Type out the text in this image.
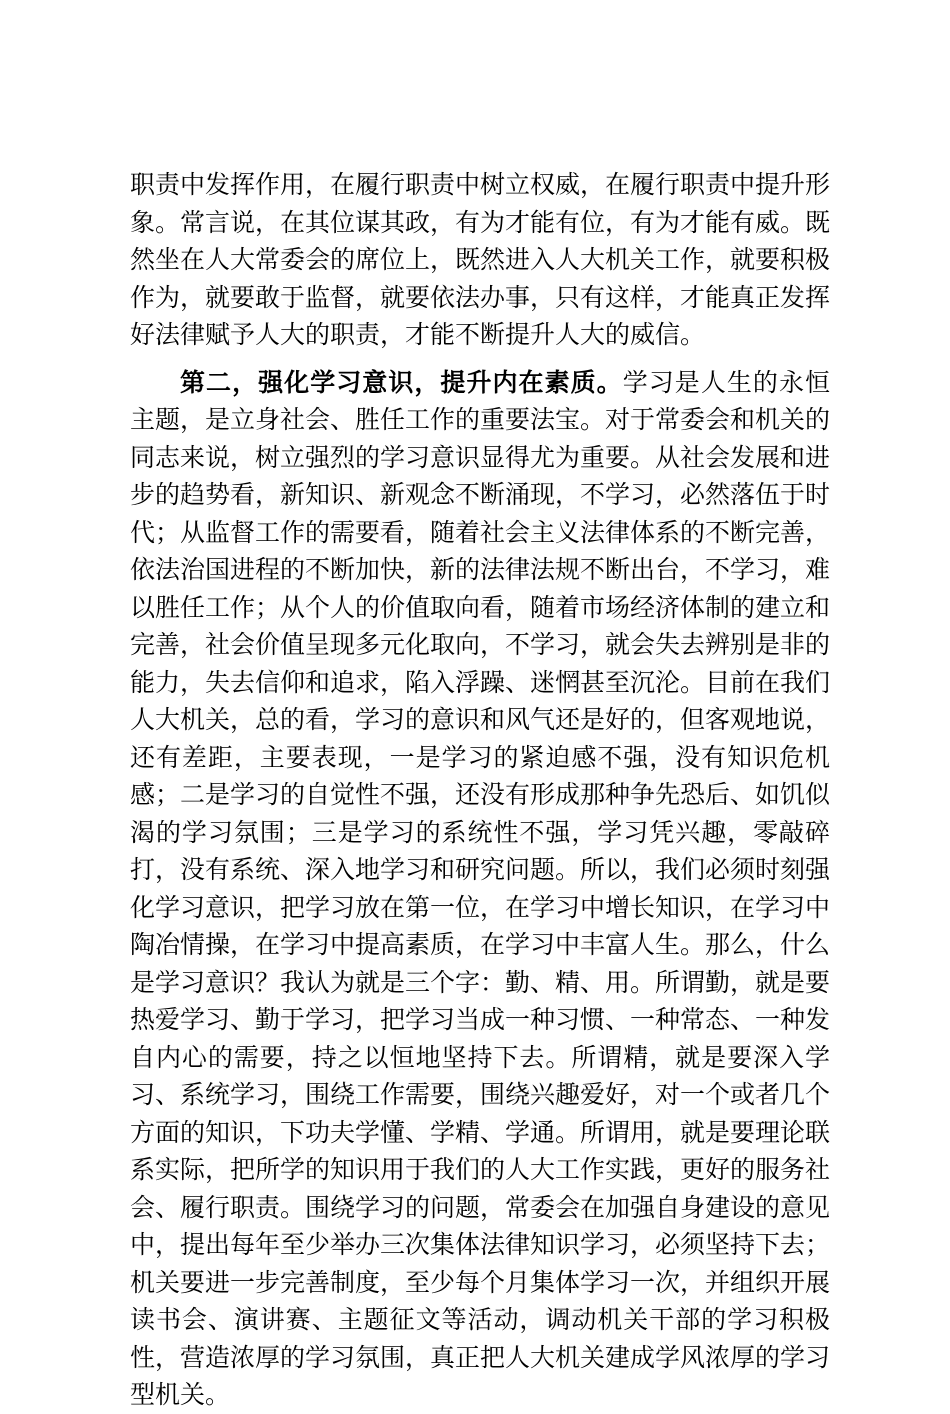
职责中发挥作用，在履行职责中树立权威，在履行职责中提升形象。常言说，在其位谋其政，有为才能有位，有为才能有威。既然坐在人大常委会的席位上，既然进入人大机关工作，就要积极作为，就要敢于监督，就要依法办事，只有这样，才能真正发挥好法律赋予人大的职责，才能不断提升人大的威信。

第二，强化学习意识，提升内在素质。学习是人生的永恒主题，是立身社会、胜任工作的重要法宝。对于常委会和机关的同志来说，树立强烈的学习意识显得尤为重要。从社会发展和进步的趋势看，新知识、新观念不断涌现，不学习，必然落伍于时代；从监督工作的需要看，随着社会主义法律体系的不断完善，依法治国进程的不断加快，新的法律法规不断出台，不学习，难以胜任工作；从个人的价值取向看，随着市场经济体制的建立和完善，社会价值呈现多元化取向，不学习，就会失去辨别是非的能力，失去信仰和追求，陷入浮躁、迷惘甚至沉沦。目前在我们人大机关，总的看，学习的意识和风气还是好的，但客观地说，还有差距，主要表现，一是学习的紧迫感不强，没有知识危机感；二是学习的自觉性不强，还没有形成那种争先恐后、如饥似渴的学习氛围；三是学习的系统性不强，学习凭兴趣，零敲碎打，没有系统、深入地学习和研究问题。所以，我们必须时刻强化学习意识，把学习放在第一位，在学习中增长知识，在学习中陶冶情操，在学习中提高素质，在学习中丰富人生。那么，什么是学习意识？我认为就是三个字：勤、精、用。所谓勤，就是要热爱学习、勤于学习，把学习当成一种习惯、一种常态、一种发自内心的需要，持之以恒地坚持下去。所谓精，就是要深入学习、系统学习，围绕工作需要，围绕兴趣爱好，对一个或者几个方面的知识，下功夫学懂、学精、学通。所谓用，就是要理论联系实际，把所学的知识用于我们的人大工作实践，更好的服务社会、履行职责。围绕学习的问题，常委会在加强自身建设的意见中，提出每年至少举办三次集体法律知识学习，必须坚持下去；机关要进一步完善制度，至少每个月集体学习一次，并组织开展读书会、演讲赛、主题征文等活动，调动机关干部的学习积极性，营造浓厚的学习氛围，真正把人大机关建成学风浓厚的学习型机关。
